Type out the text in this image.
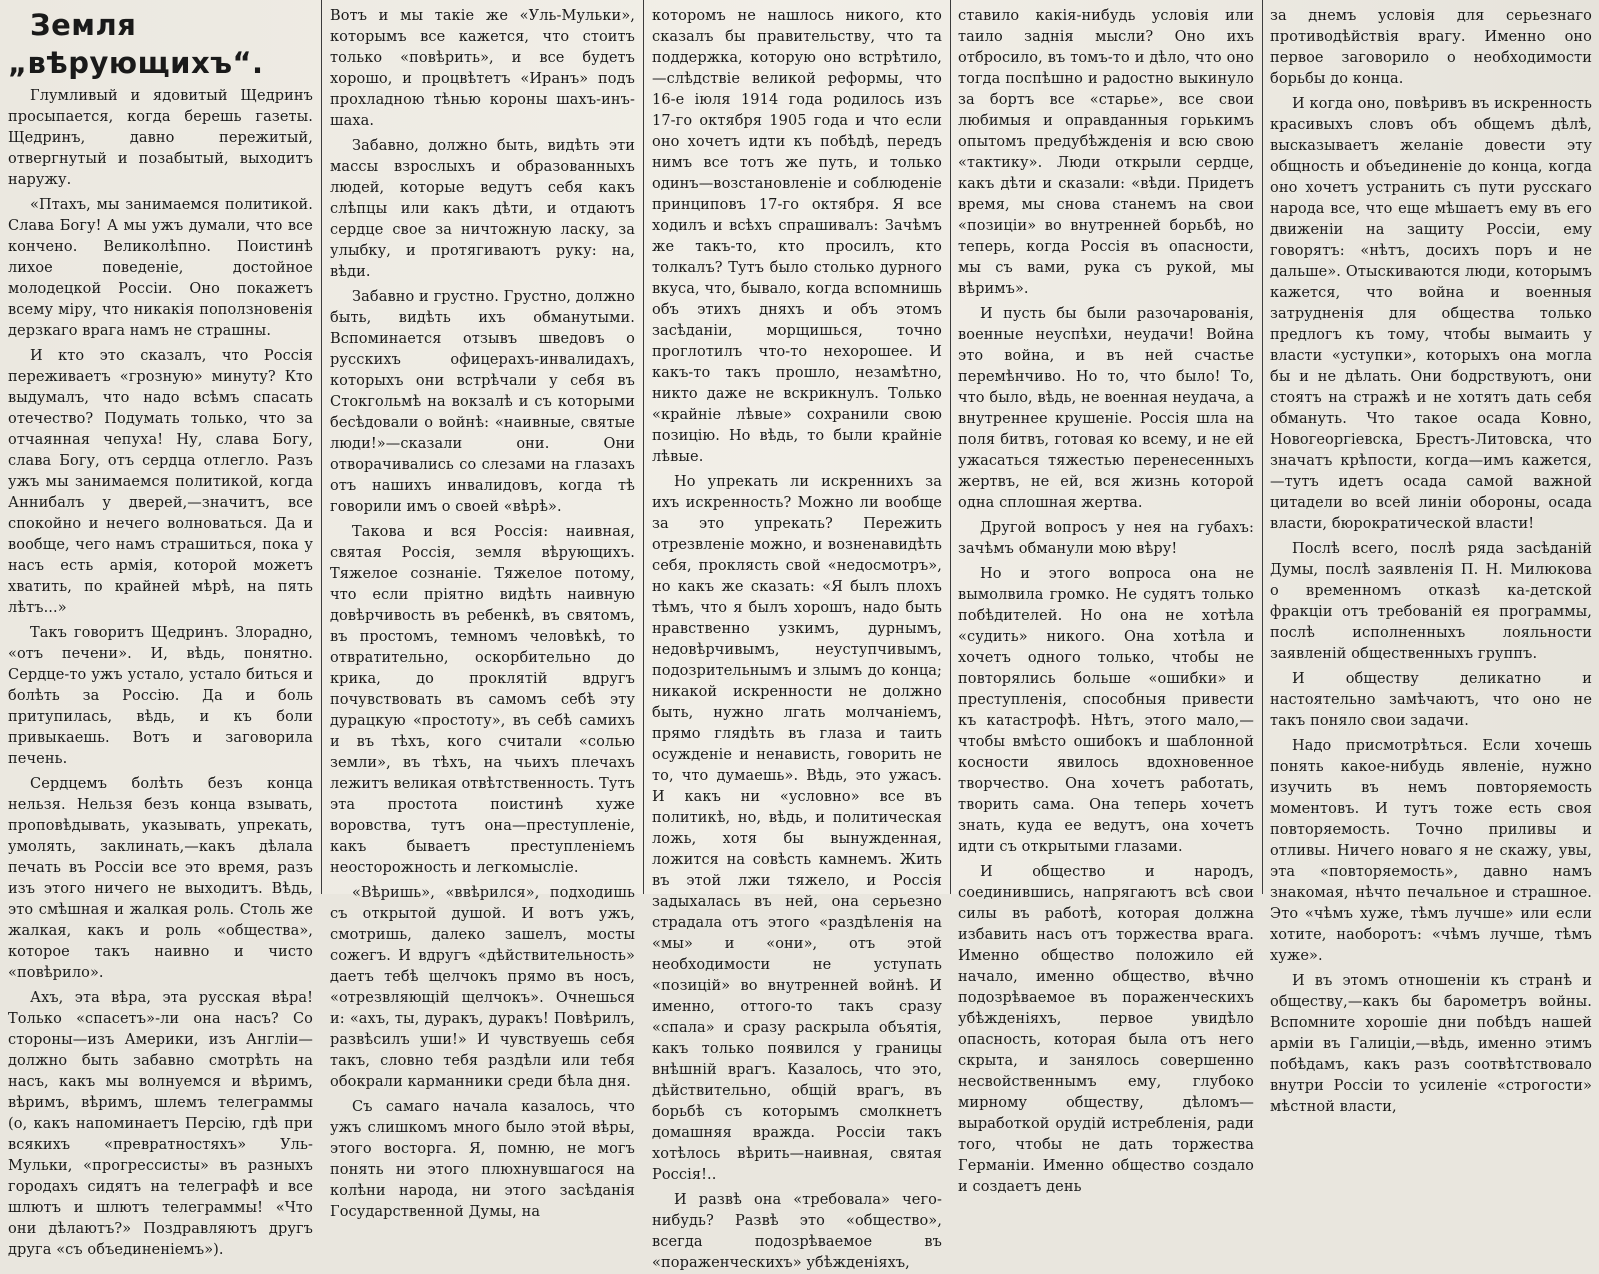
Земля „вѣрующихъ“.

Глумливый и ядовитый Щедринъ просыпается, когда берешь газеты. Щедринъ, давно пережитый, отвергнутый и позабытый, выходитъ наружу.

«Птахъ, мы занимаемся политикой. Слава Богу! А мы ужъ думали, что все кончено. Великолѣпно. Поистинѣ лихое поведеніе, достойное молодецкой Россіи. Оно покажетъ всему міру, что никакія поползновенія дерзкаго врага намъ не страшны.

И кто это сказалъ, что Россія переживаетъ «грозную» минуту? Кто выдумалъ, что надо всѣмъ спасать отечество? Подумать только, что за отчаянная чепуха! Ну, слава Богу, слава Богу, отъ сердца отлегло. Разъ ужъ мы занимаемся политикой, когда Аннибалъ у дверей,—значитъ, все спокойно и нечего волноваться. Да и вообще, чего намъ страшиться, пока у насъ есть армія, которой можетъ хватить, по крайней мѣрѣ, на пять лѣтъ...»

Такъ говоритъ Щедринъ. Злорадно, «отъ печени». И, вѣдь, понятно. Сердце-то ужъ устало, устало биться и болѣть за Россію. Да и боль притупилась, вѣдь, и къ боли привыкаешь. Вотъ и заговорила печень.

Сердцемъ болѣть безъ конца нельзя. Нельзя безъ конца взывать, проповѣдывать, указывать, упрекать, умолять, заклинать,—какъ дѣлала печать въ Россіи все это время, разъ изъ этого ничего не выходитъ. Вѣдь, это смѣшная и жалкая роль. Столь же жалкая, какъ и роль «общества», которое такъ наивно и чисто «повѣрило».

Ахъ, эта вѣра, эта русская вѣра! Только «спасетъ»-ли она насъ? Со стороны—изъ Америки, изъ Англіи—должно быть забавно смотрѣть на насъ, какъ мы волнуемся и вѣримъ, вѣримъ, вѣримъ, шлемъ телеграммы (о, какъ напоминаетъ Персію, гдѣ при всякихъ «превратностяхъ» Уль-Мульки, «прогрессисты» въ разныхъ городахъ сидятъ на телеграфѣ и все шлютъ и шлютъ телеграммы! «Что они дѣлаютъ?» Поздравляютъ другъ друга «съ объединеніемъ»).

Вотъ и мы такіе же «Уль-Мульки», которымъ все кажется, что стоитъ только «повѣрить», и все будетъ хорошо, и процвѣтетъ «Иранъ» подъ прохладною тѣнью короны шахъ-инъ-шаха.

Забавно, должно быть, видѣть эти массы взрослыхъ и образованныхъ людей, которые ведутъ себя какъ слѣпцы или какъ дѣти, и отдаютъ сердце свое за ничтожную ласку, за улыбку, и протягиваютъ руку: на, вѣди.

Забавно и грустно. Грустно, должно быть, видѣть ихъ обманутыми. Вспоминается отзывъ шведовъ о русскихъ офицерахъ-инвалидахъ, которыхъ они встрѣчали у себя въ Стокгольмѣ на вокзалѣ и съ которыми бесѣдовали о войнѣ: «наивные, святые люди!»—сказали они. Они отворачивались со слезами на глазахъ отъ нашихъ инвалидовъ, когда тѣ говорили имъ о своей «вѣрѣ».

Такова и вся Россія: наивная, святая Россія, земля вѣрующихъ. Тяжелое сознаніе. Тяжелое потому, что если пріятно видѣть наивную довѣрчивость въ ребенкѣ, въ святомъ, въ простомъ, темномъ человѣкѣ, то отвратительно, оскорбительно до крика, до проклятій вдругъ почувствовать въ самомъ себѣ эту дурацкую «простоту», въ себѣ самихъ и въ тѣхъ, кого считали «солью земли», въ тѣхъ, на чьихъ плечахъ лежитъ великая отвѣтственность. Тутъ эта простота поистинѣ хуже воровства, тутъ она—преступленіе, какъ бываетъ преступленіемъ неосторожность и легкомысліе.

«Вѣришь», «ввѣрился», подходишь съ открытой душой. И вотъ ужъ, смотришь, далеко зашелъ, мосты сожегъ. И вдругъ «дѣйствительность» даетъ тебѣ щелчокъ прямо въ носъ, «отрезвляющій щелчокъ». Очнешься и: «ахъ, ты, дуракъ, дуракъ! Повѣрилъ, развѣсилъ уши!» И чувствуешь себя такъ, словно тебя раздѣли или тебя обокрали карманники среди бѣла дня.

Съ самаго начала казалось, что ужъ слишкомъ много было этой вѣры, этого восторга. Я, помню, не могъ понять ни этого плюхнувшагося на колѣни народа, ни этого засѣданія Государственной Думы, на

которомъ не нашлось никого, кто сказалъ бы правительству, что та поддержка, которую оно встрѣтило,—слѣдствіе великой реформы, что 16-е іюля 1914 года родилось изъ 17-го октября 1905 года и что если оно хочетъ идти къ побѣдѣ, передъ нимъ все тотъ же путь, и только одинъ—возстановленіе и соблюденіе принциповъ 17-го октября. Я все ходилъ и всѣхъ спрашивалъ: Зачѣмъ же такъ-то, кто просилъ, кто толкалъ? Тутъ было столько дурного вкуса, что, бывало, когда вспомнишь объ этихъ дняхъ и объ этомъ засѣданіи, морщишься, точно проглотилъ что-то нехорошее. И какъ-то такъ прошло, незамѣтно, никто даже не вскрикнулъ. Только «крайніе лѣвые» сохранили свою позицію. Но вѣдь, то были крайніе лѣвые.

Но упрекать ли искреннихъ за ихъ искренность? Можно ли вообще за это упрекать? Пережить отрезвленіе можно, и возненавидѣть себя, проклясть свой «недосмотръ», но какъ же сказать: «Я былъ плохъ тѣмъ, что я былъ хорошъ, надо быть нравственно узкимъ, дурнымъ, недовѣрчивымъ, неуступчивымъ, подозрительнымъ и злымъ до конца; никакой искренности не должно быть, нужно лгать молчаніемъ, прямо глядѣть въ глаза и таить осужденіе и ненависть, говорить не то, что думаешь». Вѣдь, это ужасъ. И какъ ни «условно» все въ политикѣ, но, вѣдь, и политическая ложь, хотя бы вынужденная, ложится на совѣсть камнемъ. Жить въ этой лжи тяжело, и Россія задыхалась въ ней, она серьезно страдала отъ этого «раздѣленія на «мы» и «они», отъ этой необходимости не уступать «позицій» во внутренней войнѣ. И именно, оттого-то такъ сразу «спала» и сразу раскрыла объятія, какъ только появился у границы внѣшній врагъ. Казалось, что это, дѣйствительно, общій врагъ, въ борьбѣ съ которымъ смолкнетъ домашняя вражда. Россіи такъ хотѣлось вѣрить—наивная, святая Россія!..

И развѣ она «требовала» чего-нибудь? Развѣ это «общество», всегда подозрѣваемое въ «пораженческихъ» убѣжденіяхъ,

ставило какія-нибудь условія или таило заднія мысли? Оно ихъ отбросило, въ томъ-то и дѣло, что оно тогда поспѣшно и радостно выкинуло за бортъ все «старье», все свои любимыя и оправданныя горькимъ опытомъ предубѣжденія и всю свою «тактику». Люди открыли сердце, какъ дѣти и сказали: «вѣди. Придетъ время, мы снова станемъ на свои «позиціи» во внутренней борьбѣ, но теперь, когда Россія въ опасности, мы съ вами, рука съ рукой, мы вѣримъ».

И пусть бы были разочарованія, военные неуспѣхи, неудачи! Война это война, и въ ней счастье перемѣнчиво. Но то, что было! То, что было, вѣдь, не военная неудача, а внутреннее крушеніе. Россія шла на поля битвъ, готовая ко всему, и не ей ужасаться тяжестью перенесенныхъ жертвъ, не ей, вся жизнь которой одна сплошная жертва.

Другой вопросъ у нея на губахъ: зачѣмъ обманули мою вѣру!

Но и этого вопроса она не вымолвила громко. Не судятъ только побѣдителей. Но она не хотѣла «судить» никого. Она хотѣла и хочетъ одного только, чтобы не повторялись больше «ошибки» и преступленія, способныя привести къ катастрофѣ. Нѣтъ, этого мало,—чтобы вмѣсто ошибокъ и шаблонной косности явилось вдохновенное творчество. Она хочетъ работать, творить сама. Она теперь хочетъ знать, куда ее ведутъ, она хочетъ идти съ открытыми глазами.

И общество и народъ, соединившись, напрягаютъ всѣ свои силы въ работѣ, которая должна избавить насъ отъ торжества врага. Именно общество положило ей начало, именно общество, вѣчно подозрѣваемое въ пораженческихъ убѣжденіяхъ, первое увидѣло опасность, которая была отъ него скрыта, и занялось совершенно несвойственнымъ ему, глубоко мирному обществу, дѣломъ—выработкой орудій истребленія, ради того, чтобы не дать торжества Германіи. Именно общество создало и создаетъ день

за днемъ условія для серьезнаго противодѣйствія врагу. Именно оно первое заговорило о необходимости борьбы до конца.

И когда оно, повѣривъ въ искренность красивыхъ словъ объ общемъ дѣлѣ, высказываетъ желаніе довести эту общность и объединеніе до конца, когда оно хочетъ устранить съ пути русскаго народа все, что еще мѣшаетъ ему въ его движеніи на защиту Россіи, ему говорятъ: «нѣтъ, досихъ поръ и не дальше». Отыскиваются люди, которымъ кажется, что война и военныя затрудненія для общества только предлогъ къ тому, чтобы вымаить у власти «уступки», которыхъ она могла бы и не дѣлать. Они бодрствуютъ, они стоятъ на стражѣ и не хотятъ дать себя обмануть. Что такое осада Ковно, Новогеоргіевска, Брестъ-Литовска, что значатъ крѣпости, когда—имъ кажется,—тутъ идетъ осада самой важной цитадели во всей линіи обороны, осада власти, бюрократической власти!

Послѣ всего, послѣ ряда засѣданій Думы, послѣ заявленія П. Н. Милюкова о временномъ отказѣ ка-детской фракціи отъ требованій ея программы, послѣ исполненныхъ лояльности заявленій общественныхъ группъ.

И обществу деликатно и настоятельно замѣчаютъ, что оно не такъ поняло свои задачи.

Надо присмотрѣться. Если хочешь понять какое-нибудь явленіе, нужно изучить въ немъ повторяемость моментовъ. И тутъ тоже есть своя повторяемость. Точно приливы и отливы. Ничего новаго я не скажу, увы, эта «повторяемость», давно намъ знакомая, нѣчто печальное и страшное. Это «чѣмъ хуже, тѣмъ лучше» или если хотите, наоборотъ: «чѣмъ лучше, тѣмъ хуже».

И въ этомъ отношеніи къ странѣ и обществу,—какъ бы барометръ войны. Вспомните хорошіе дни побѣдъ нашей арміи въ Галиціи,—вѣдь, именно этимъ побѣдамъ, какъ разъ соотвѣтствовало внутри Россіи то усиленіе «строгости» мѣстной власти,
